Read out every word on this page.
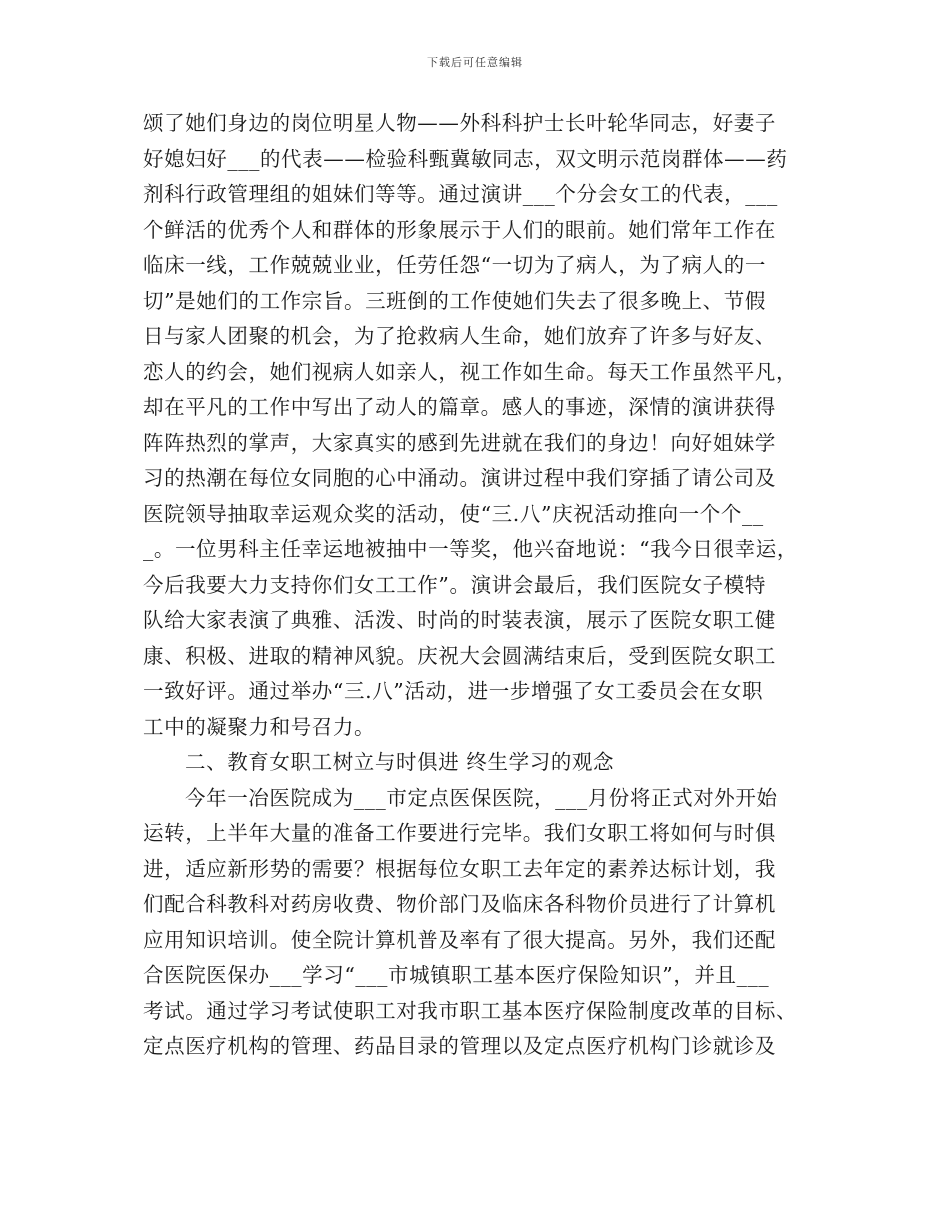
下载后可任意编辑
颂了她们身边的岗位明星人物——外科科护士长叶轮华同志，好妻子
好媳妇好___的代表——检验科甄冀敏同志，双文明示范岗群体——药
剂科行政管理组的姐妹们等等。通过演讲___个分会女工的代表，___
个鲜活的优秀个人和群体的形象展示于人们的眼前。她们常年工作在
临床一线，工作兢兢业业，任劳任怨“一切为了病人，为了病人的一
切”是她们的工作宗旨。三班倒的工作使她们失去了很多晚上、节假
日与家人团聚的机会，为了抢救病人生命，她们放弃了许多与好友、
恋人的约会，她们视病人如亲人，视工作如生命。每天工作虽然平凡，
却在平凡的工作中写出了动人的篇章。感人的事迹，深情的演讲获得
阵阵热烈的掌声，大家真实的感到先进就在我们的身边！向好姐妹学
习的热潮在每位女同胞的心中涌动。演讲过程中我们穿插了请公司及
医院领导抽取幸运观众奖的活动，使“三.八”庆祝活动推向一个个__
_。一位男科主任幸运地被抽中一等奖，他兴奋地说：“我今日很幸运，
今后我要大力支持你们女工工作”。演讲会最后，我们医院女子模特
队给大家表演了典雅、活泼、时尚的时装表演，展示了医院女职工健
康、积极、进取的精神风貌。庆祝大会圆满结束后，受到医院女职工
一致好评。通过举办“三.八”活动，进一步增强了女工委员会在女职
工中的凝聚力和号召力。
二、教育女职工树立与时俱进 终生学习的观念
今年一冶医院成为___市定点医保医院，___月份将正式对外开始
运转，上半年大量的准备工作要进行完毕。我们女职工将如何与时俱
进，适应新形势的需要？根据每位女职工去年定的素养达标计划，我
们配合科教科对药房收费、物价部门及临床各科物价员进行了计算机
应用知识培训。使全院计算机普及率有了很大提高。另外，我们还配
合医院医保办___学习“___市城镇职工基本医疗保险知识”，并且___
考试。通过学习考试使职工对我市职工基本医疗保险制度改革的目标、
定点医疗机构的管理、药品目录的管理以及定点医疗机构门诊就诊及
